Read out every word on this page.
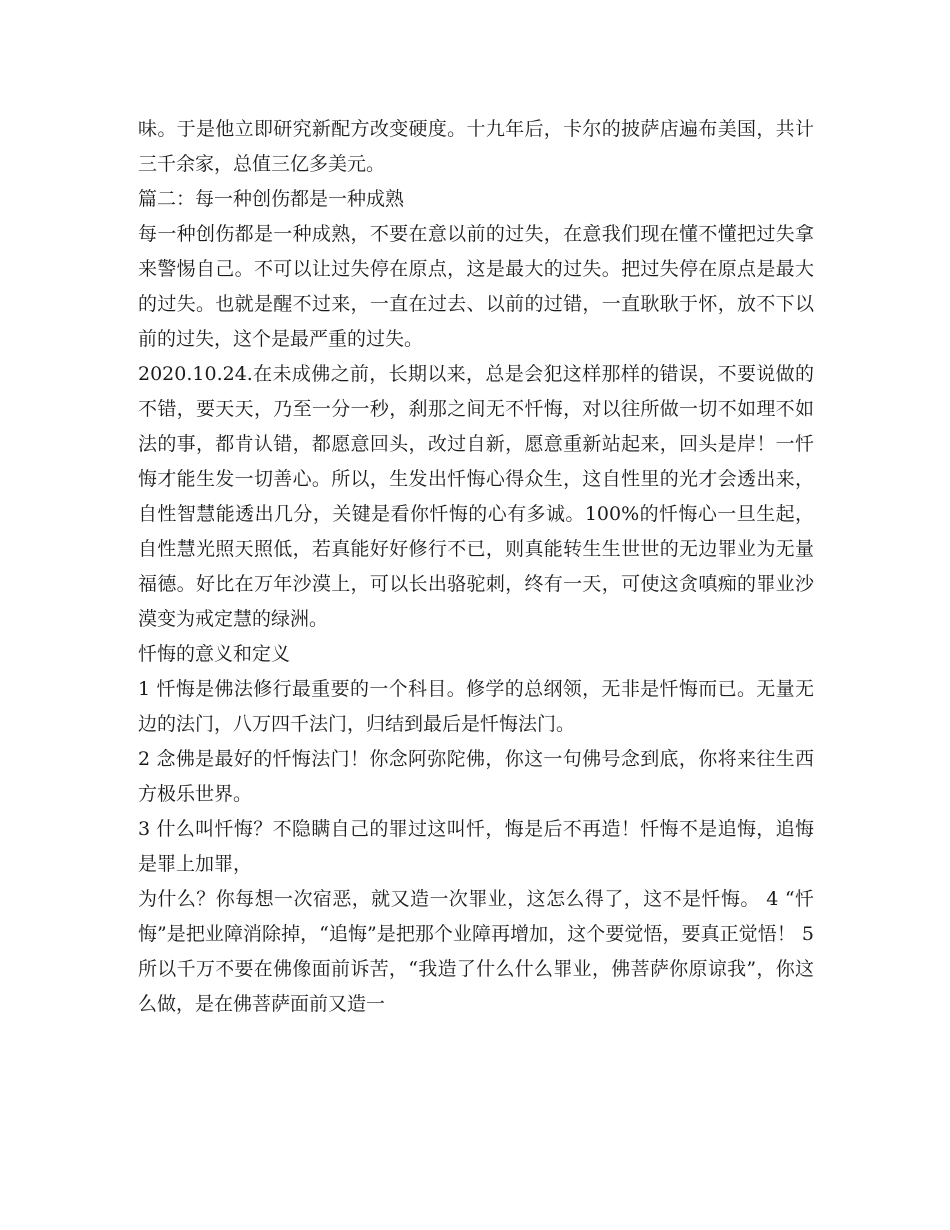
味。于是他立即研究新配方改变硬度。十九年后，卡尔的披萨店遍布美国，共计三千余家，总值三亿多美元。

篇二：每一种创伤都是一种成熟

每一种创伤都是一种成熟，不要在意以前的过失，在意我们现在懂不懂把过失拿来警惕自己。不可以让过失停在原点，这是最大的过失。把过失停在原点是最大的过失。也就是醒不过来，一直在过去、以前的过错，一直耿耿于怀，放不下以前的过失，这个是最严重的过失。

2020.10.24.在未成佛之前，长期以来，总是会犯这样那样的错误，不要说做的不错，要天天，乃至一分一秒，刹那之间无不忏悔，对以往所做一切不如理不如法的事，都肯认错，都愿意回头，改过自新，愿意重新站起来，回头是岸！一忏悔才能生发一切善心。所以，生发出忏悔心得众生，这自性里的光才会透出来，自性智慧能透出几分，关键是看你忏悔的心有多诚。100%的忏悔心一旦生起，自性慧光照天照低，若真能好好修行不已，则真能转生生世世的无边罪业为无量福德。好比在万年沙漠上，可以长出骆驼刺，终有一天，可使这贪嗔痴的罪业沙漠变为戒定慧的绿洲。

忏悔的意义和定义

1 忏悔是佛法修行最重要的一个科目。修学的总纲领，无非是忏悔而已。无量无边的法门，八万四千法门，归结到最后是忏悔法门。

2 念佛是最好的忏悔法门！你念阿弥陀佛，你这一句佛号念到底，你将来往生西方极乐世界。

3 什么叫忏悔？不隐瞒自己的罪过这叫忏，悔是后不再造！忏悔不是追悔，追悔是罪上加罪，

为什么？你每想一次宿恶，就又造一次罪业，这怎么得了，这不是忏悔。 4 “忏悔”是把业障消除掉，“追悔”是把那个业障再增加，这个要觉悟，要真正觉悟！ 5 所以千万不要在佛像面前诉苦，“我造了什么什么罪业，佛菩萨你原谅我”，你这么做，是在佛菩萨面前又造一
